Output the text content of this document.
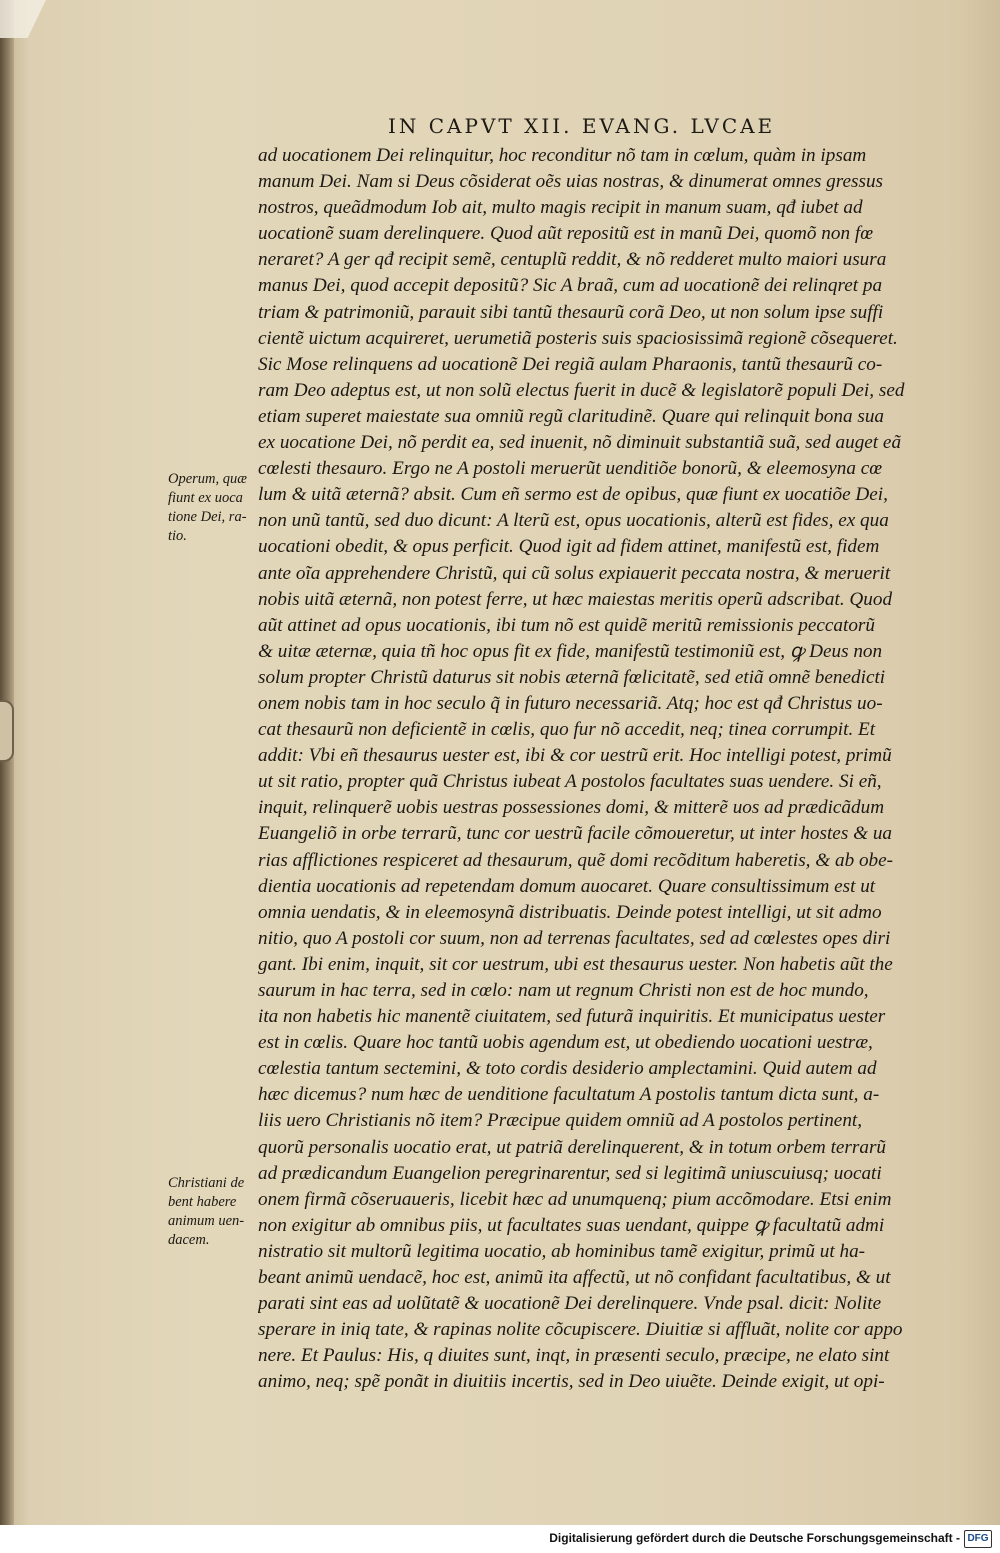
IN CAPVT XII. EVANG. LVCAE
ad uocationem Dei relinquitur, hoc reconditur nõ tam in cœlum, quàm in ipsam
manum Dei. Nam si Deus cõsiderat oẽs uias nostras, & dinumerat omnes gressus
nostros, queãdmodum Iob ait, multo magis recipit in manum suam, qđ iubet ad
uocationẽ suam derelinquere. Quod aũt repositũ est in manũ Dei, quomõ non fœ
neraret? A ger qđ recipit semẽ, centuplũ reddit, & nõ redderet multo maiori usura
manus Dei, quod accepit depositũ? Sic A braã, cum ad uocationẽ dei relinqret pa
triam & patrimoniũ, parauit sibi tantũ thesaurũ corã Deo, ut non solum ipse suffi
cientẽ uictum acquireret, uerumetiã posteris suis spaciosissimã regionẽ cõsequeret.
Sic Mose relinquens ad uocationẽ Dei regiã aulam Pharaonis, tantũ thesaurũ co-
ram Deo adeptus est, ut non solũ electus fuerit in ducẽ & legislatorẽ populi Dei, sed
etiam superet maiestate sua omniũ regũ claritudinẽ. Quare qui relinquit bona sua
ex uocatione Dei, nõ perdit ea, sed inuenit, nõ diminuit substantiã suã, sed auget eã
cœlesti thesauro. Ergo ne A postoli meruerũt uenditiõe bonorũ, & eleemosyna cœ
lum & uitã æternã? absit. Cum eñ sermo est de opibus, quæ fiunt ex uocatiõe Dei,
non unũ tantũ, sed duo dicunt: A lterũ est, opus uocationis, alterũ est fides, ex qua
uocationi obedit, & opus perficit. Quod igit ad fidem attinet, manifestũ est, fidem
ante oĩa apprehendere Christũ, qui cũ solus expiauerit peccata nostra, & meruerit
nobis uitã æternã, non potest ferre, ut hæc maiestas meritis operũ adscribat. Quod
aũt attinet ad opus uocationis, ibi tum nõ est quidẽ meritũ remissionis peccatorũ
& uitæ æternæ, quia tñ hoc opus fit ex fide, manifestũ testimoniũ est, ꝙ Deus non
solum propter Christũ daturus sit nobis æternã fœlicitatẽ, sed etiã omnẽ benedicti
onem nobis tam in hoc seculo q̃ in futuro necessariã. Atq; hoc est qđ Christus uo-
cat thesaurũ non deficientẽ in cœlis, quo fur nõ accedit, neq; tinea corrumpit. Et
addit: Vbi eñ thesaurus uester est, ibi & cor uestrũ erit. Hoc intelligi potest, primũ
ut sit ratio, propter quã Christus iubeat A postolos facultates suas uendere. Si eñ,
inquit, relinquerẽ uobis uestras possessiones domi, & mitterẽ uos ad prædicãdum
Euangeliõ in orbe terrarũ, tunc cor uestrũ facile cõmoueretur, ut inter hostes & ua
rias afflictiones respiceret ad thesaurum, quẽ domi recõditum haberetis, & ab obe-
dientia uocationis ad repetendam domum auocaret. Quare consultissimum est ut
omnia uendatis, & in eleemosynã distribuatis. Deinde potest intelligi, ut sit admo
nitio, quo A postoli cor suum, non ad terrenas facultates, sed ad cœlestes opes diri
gant. Ibi enim, inquit, sit cor uestrum, ubi est thesaurus uester. Non habetis aũt the
saurum in hac terra, sed in cœlo: nam ut regnum Christi non est de hoc mundo,
ita non habetis hic manentẽ ciuitatem, sed futurã inquiritis. Et municipatus uester
est in cœlis. Quare hoc tantũ uobis agendum est, ut obediendo uocationi uestræ,
cœlestia tantum sectemini, & toto cordis desiderio amplectamini. Quid autem ad
hæc dicemus? num hæc de uenditione facultatum A postolis tantum dicta sunt, a-
liis uero Christianis nõ item? Præcipue quidem omniũ ad A postolos pertinent,
quorũ personalis uocatio erat, ut patriã derelinquerent, & in totum orbem terrarũ
ad prædicandum Euangelion peregrinarentur, sed si legitimã uniuscuiusq; uocati
onem firmã cõseruaueris, licebit hæc ad unumquenq; pium accõmodare. Etsi enim
non exigitur ab omnibus piis, ut facultates suas uendant, quippe ꝙ facultatũ admi
nistratio sit multorũ legitima uocatio, ab hominibus tamẽ exigitur, primũ ut ha-
beant animũ uendacẽ, hoc est, animũ ita affectũ, ut nõ confidant facultatibus, & ut
parati sint eas ad uolũtatẽ & uocationẽ Dei derelinquere. Vnde psal. dicit: Nolite
sperare in iniq tate, & rapinas nolite cõcupiscere. Diuitiæ si affluãt, nolite cor appo
nere. Et Paulus: His, q diuites sunt, inqt, in præsenti seculo, præcipe, ne elato sint
animo, neq; spẽ ponãt in diuitiis incertis, sed in Deo uiuẽte. Deinde exigit, ut opi-
Operum, quæ
fiunt ex uoca
tione Dei, ra-
tio.
Christiani de
bent habere
animum uen-
dacem.
Digitalisierung gefördert durch die Deutsche Forschungsgemeinschaft - DFG
